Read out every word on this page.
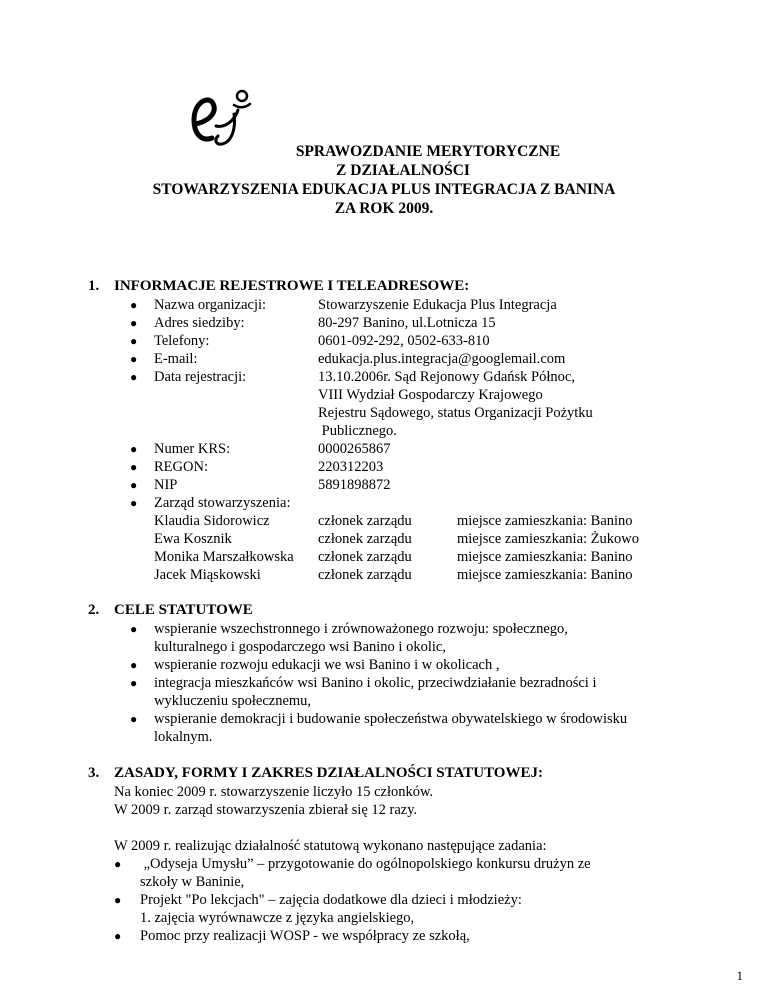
SPRAWOZDANIE MERYTORYCZNE
Z DZIAŁALNOŚCI
STOWARZYSZENIA EDUKACJA PLUS INTEGRACJA Z BANINA
ZA ROK 2009.
1. INFORMACJE REJESTROWE I TELEADRESOWE:
● Nazwa organizacji:	Stowarzyszenie Edukacja Plus Integracja
● Adres siedziby:	80-297 Banino, ul.Lotnicza 15
● Telefony:	0601-092-292, 0502-633-810
● E-mail:	edukacja.plus.integracja@googlemail.com
● Data rejestracji:	13.10.2006r. Sąd Rejonowy Gdańsk Północ,
VIII Wydział Gospodarczy Krajowego
Rejestru Sądowego, status Organizacji Pożytku
Publicznego.
● Numer KRS:	0000265867
● REGON:	220312203
● NIP	5891898872
● Zarząd stowarzyszenia:
Klaudia Sidorowicz	członek zarządu	miejsce zamieszkania: Banino
Ewa Kosznik	członek zarządu	miejsce zamieszkania: Żukowo
Monika Marszałkowska członek zarządu	miejsce zamieszkania: Banino
Jacek Miąskowski	członek zarządu	miejsce zamieszkania: Banino
2. CELE STATUTOWE
● wspieranie wszechstronnego i zrównoważonego rozwoju: społecznego,
kulturalnego i gospodarczego wsi Banino i okolic,
● wspieranie rozwoju edukacji we wsi Banino i w okolicach ,
● integracja mieszkańców wsi Banino i okolic, przeciwdziałanie bezradności i
wykluczeniu społecznemu,
● wspieranie demokracji i budowanie społeczeństwa obywatelskiego w środowisku
lokalnym.
3. ZASADY, FORMY I ZAKRES DZIAŁALNOŚCI STATUTOWEJ:
Na koniec 2009 r. stowarzyszenie liczyło 15 członków.
W 2009 r. zarząd stowarzyszenia zbierał się 12 razy.
W 2009 r. realizując działalność statutową wykonano następujące zadania:
● „Odyseja Umysłu” – przygotowanie do ogólnopolskiego konkursu drużyn ze
szkoły w Baninie,
● Projekt "Po lekcjach" – zajęcia dodatkowe dla dzieci i młodzieży:
1. zajęcia wyrównawcze z języka angielskiego,
● Pomoc przy realizacji WOSP - we współpracy ze szkołą,
1
